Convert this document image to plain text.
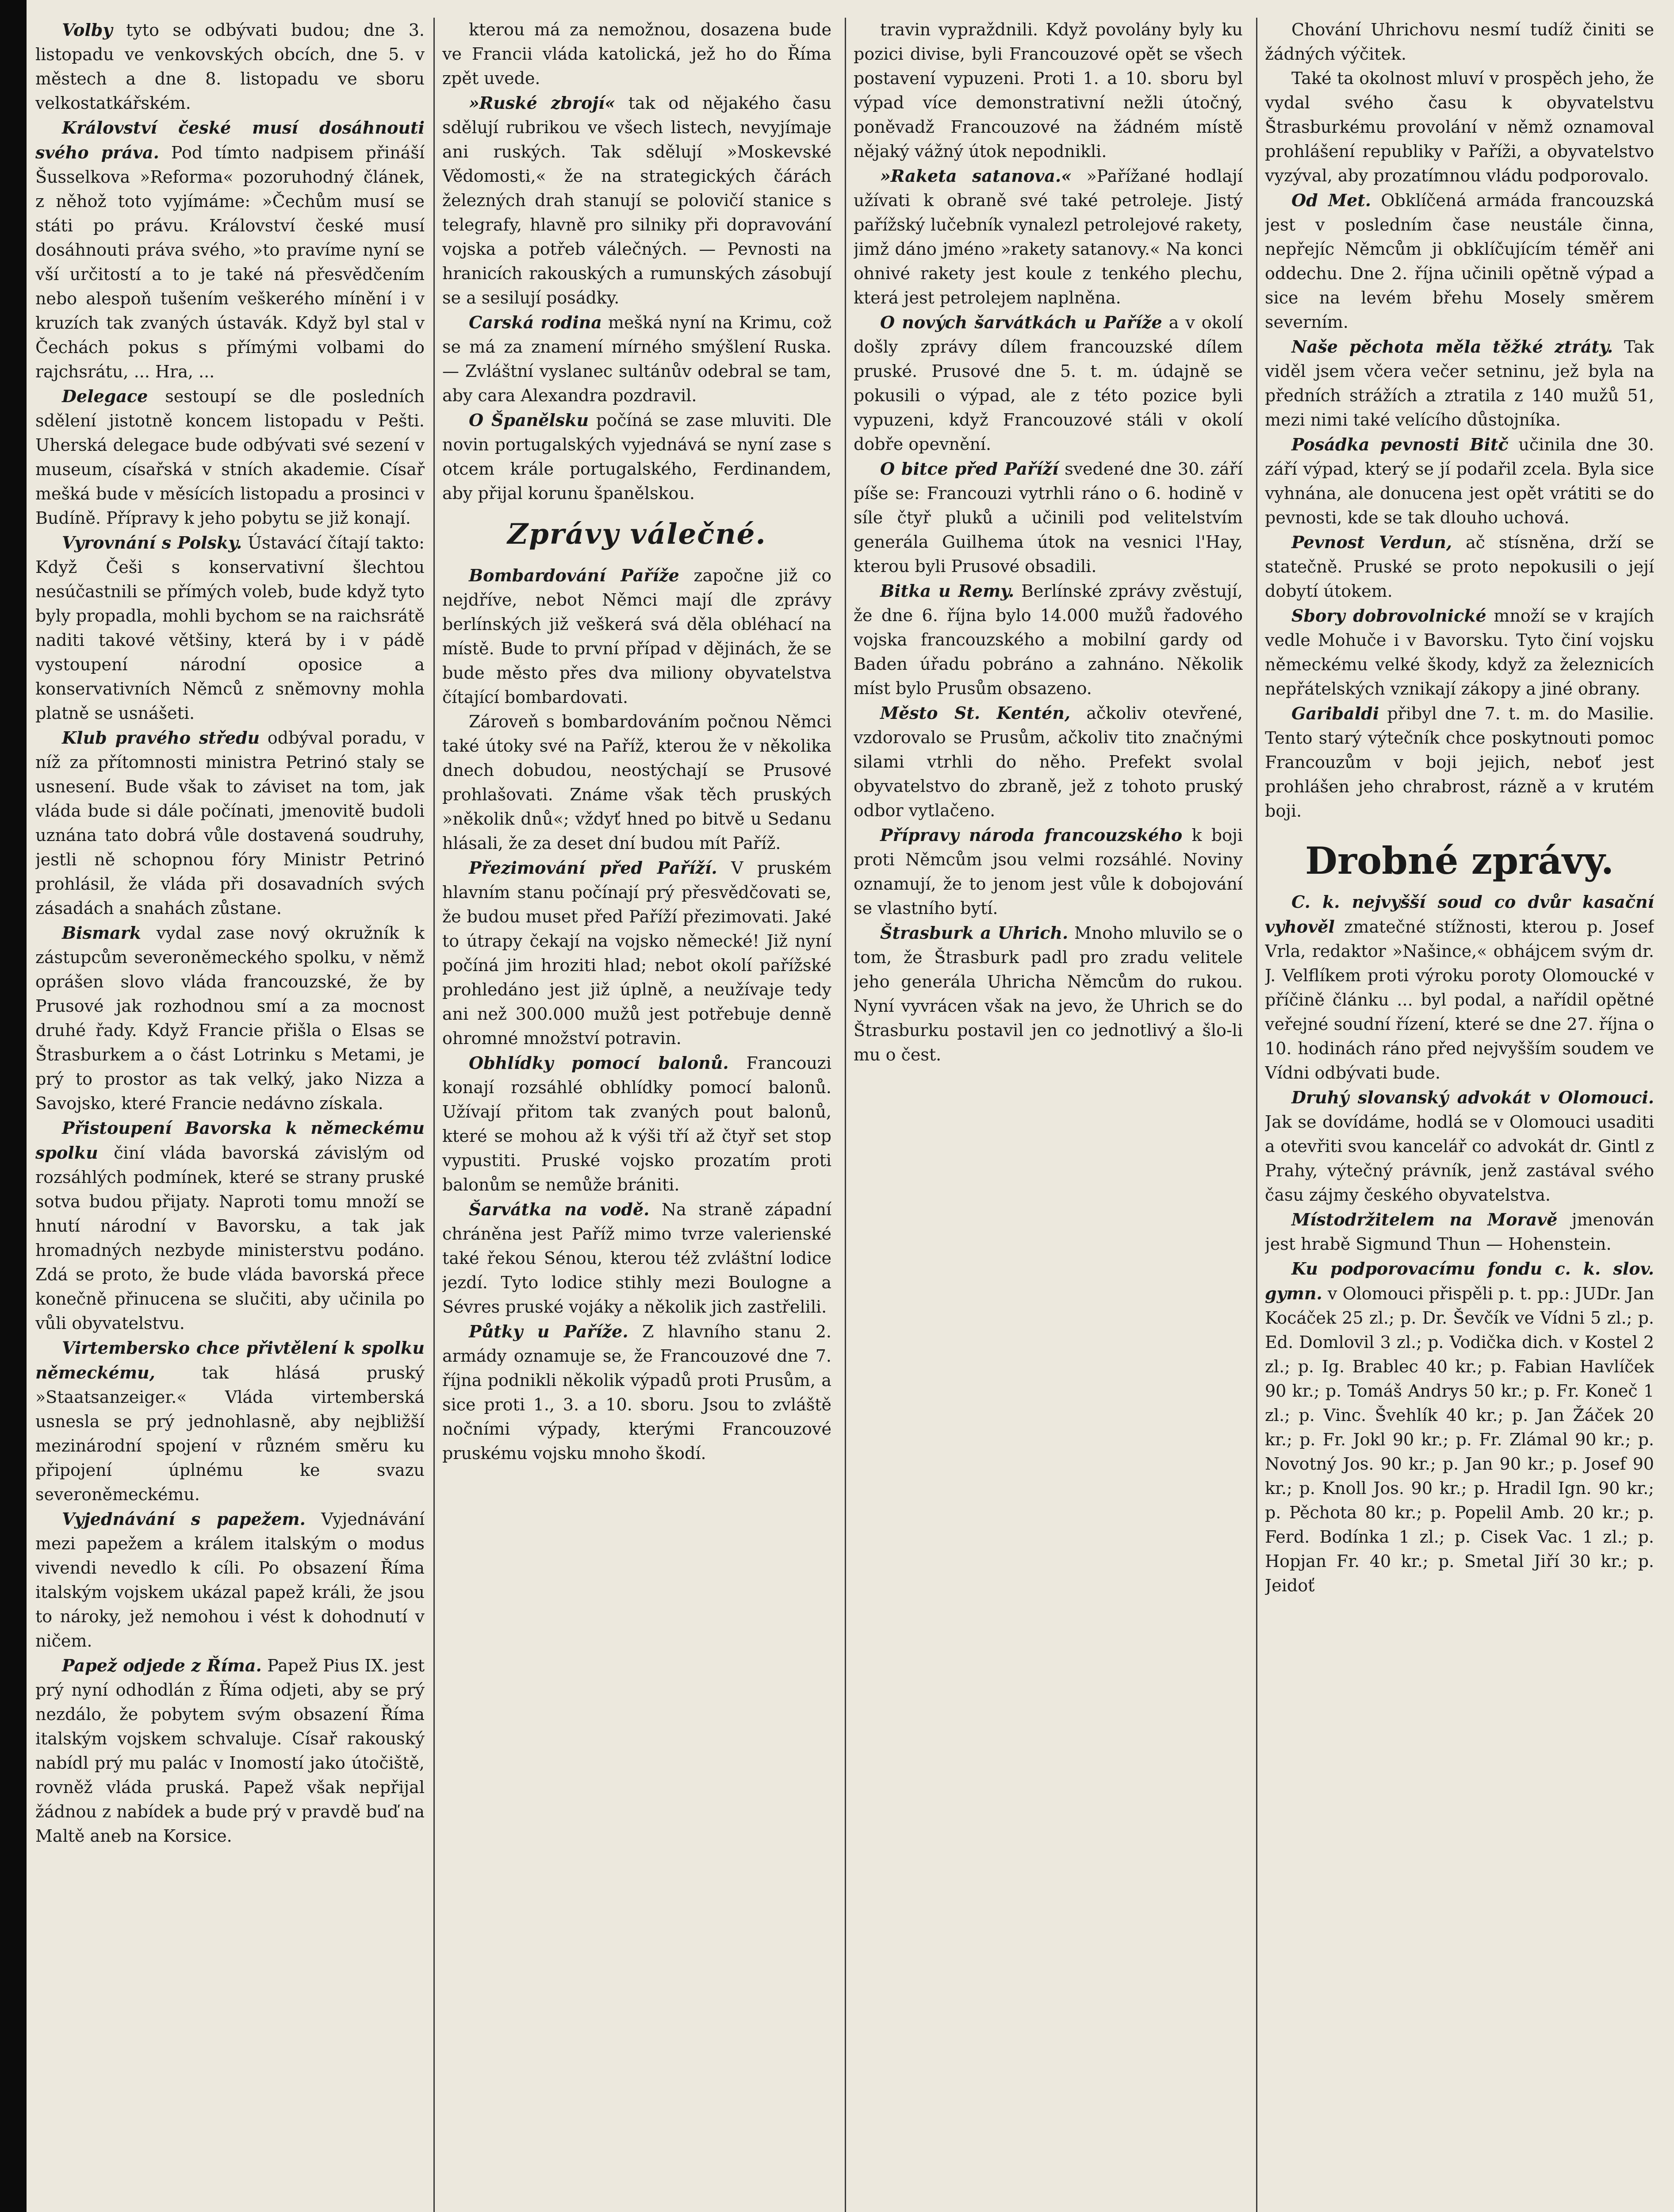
Volby tyto se odbývati budou; dne 3. listopadu ve venkovských obcích, dne 5. v městech a dne 8. listopadu ve sboru velkostatkářském.

Království české musí dosáhnouti svého práva. Pod tímto nadpisem přináší Šusselkova »Reforma« pozoruhodný článek, z něhož toto vyjímáme: »Čechům musí se státi po právu. Království české musí dosáhnouti práva svého, »to pravíme nyní se vší určitostí a to je také ná přesvědčením nebo alespoň tušením veškerého mínění i v kruzích tak zvaných ústavák. Když byl stal v Čechách pokus s přímými volbami do rajchsrátu, ... Hra, ...

Delegace sestoupí se dle posledních sdělení jistotně koncem listopadu v Pešti. Uherská delegace bude odbývati své sezení v museum, císařská v stních akademie. Císař mešká bude v měsících listopadu a prosinci v Budíně. Přípravy k jeho pobytu se již konají.

Vyrovnání s Polsky. Ústavácí čítají takto: Když Češi s konservativní šlechtou nesúčastnili se přímých voleb, bude když tyto byly propadla, mohli bychom se na raichsrátě naditi takové většiny, která by i v pádě vystoupení národní oposice a konservativních Němců z sněmovny mohla platně se usnášeti.

Klub pravého středu odbýval poradu, v níž za přítomnosti ministra Petrinó staly se usnesení. Bude však to záviset na tom, jak vláda bude si dále počínati, jmenovitě budoli uznána tato dobrá vůle dostavená soudruhy, jestli ně schopnou fóry Ministr Petrinó prohlásil, že vláda při dosavadních svých zásadách a snahách zůstane.

Bismark vydal zase nový okružník k zástupcům severoněmeckého spolku, v němž oprášen slovo vláda francouzské, že by Prusové jak rozhodnou smí a za mocnost druhé řady. Když Francie přišla o Elsas se Štrasburkem a o část Lotrinku s Metami, je prý to prostor as tak velký, jako Nizza a Savojsko, které Francie nedávno získala.

Přistoupení Bavorska k německému spolku činí vláda bavorská závislým od rozsáhlých podmínek, které se strany pruské sotva budou přijaty. Naproti tomu množí se hnutí národní v Bavorsku, a tak jak hromadných nezbyde ministerstvu podáno. Zdá se proto, že bude vláda bavorská přece konečně přinucena se slučiti, aby učinila po vůli obyvatelstvu.

Virtembersko chce přivtělení k spolku německému,	tak hlásá pruský »Staatsanzeiger.« Vláda virtemberská usnesla se prý jednohlasně, aby nejbližší mezinárodní spojení v různém směru ku připojení úplnému ke svazu severoněmeckému.

Vyjednávání s papežem. Vyjednávání mezi papežem a králem italským o modus vivendi nevedlo k cíli. Po obsazení Říma italským vojskem ukázal papež králi, že jsou to nároky, jež nemohou i vést k dohodnutí v ničem.

Papež odjede z Říma. Papež Pius IX. jest prý nyní odhodlán z Říma odjeti, aby se prý nezdálo, že pobytem svým obsazení Říma italským vojskem schvaluje. Císař rakouský nabídl prý mu palác v Inomostí jako útočiště, rovněž vláda pruská. Papež však nepřijal žádnou z nabídek a bude prý v pravdě buď na Maltě aneb na Korsice.

kterou má za nemožnou, dosazena bude ve Francii vláda katolická, jež ho do Říma zpět uvede.

»Ruské zbrojí« tak od nějakého času sdělují rubrikou ve všech listech, nevyjímaje ani ruských. Tak sdělují »Moskevské Vědomosti,« že na strategických čárách železných drah stanují se polovičí stanice s telegrafy, hlavně pro silniky při dopravování vojska a potřeb válečných. — Pevnosti na hranicích rakouských a rumunských zásobují se a sesilují posádky.

Carská rodina mešká nyní na Krimu, což se má za znamení mírného smýšlení Ruska. — Zvláštní vyslanec sultánův odebral se tam, aby cara Alexandra pozdravil.

O Španělsku počíná se zase mluviti. Dle novin portugalských vyjednává se nyní zase s otcem krále portugalského, Ferdinandem, aby přijal korunu španělskou.

Zprávy válečné.

Bombardování Paříže započne již co nejdříve, nebot Němci mají dle zprávy berlínských již veškerá svá děla obléhací na místě. Bude to první případ v dějinách, že se bude město přes dva miliony obyvatelstva čítající bombardovati.

Zároveň s bombardováním počnou Němci také útoky své na Paříž, kterou že v několika dnech dobudou, neostýchají se Prusové prohlašovati. Známe však těch pruských »několik dnů«; vždyť hned po bitvě u Sedanu hlásali, že za deset dní budou mít Paříž.

Přezimování před Paříží. V pruském hlavním stanu počínají prý přesvědčovati se, že budou muset před Paříží přezimovati. Jaké to útrapy čekají na vojsko německé! Již nyní počíná jim hroziti hlad; nebot okolí pařížské prohledáno jest již úplně, a neužívaje tedy ani než 300.000 mužů jest potřebuje denně ohromné množství potravin.

Obhlídky pomocí balonů. Francouzi konají rozsáhlé obhlídky pomocí balonů. Užívají přitom tak zvaných pout balonů, které se mohou až k výši tří až čtyř set stop vypustiti. Pruské vojsko prozatím proti balonům se nemůže brániti.

Šarvátka na vodě. Na straně západní chráněna jest Paříž mimo tvrze valerienské také řekou Sénou, kterou též zvláštní lodice jezdí. Tyto lodice stihly mezi Boulogne a Sévres pruské vojáky a několik jich zastřelili.

Půtky u Paříže. Z hlavního stanu 2. armády oznamuje se, že Francouzové dne 7. října podnikli několik výpadů proti Prusům, a sice proti 1., 3. a 10. sboru. Jsou to zvláště nočními výpady, kterými Francouzové pruskému vojsku mnoho škodí.

travin vypraždnili. Když povolány byly ku pozici divise, byli Francouzové opět se všech postavení vypuzeni. Proti 1. a 10. sboru byl výpad více demonstrativní nežli útočný, poněvadž Francouzové na žádném místě nějaký vážný útok nepodnikli.

»Raketa satanova.« »Pařížané hodlají užívati k obraně své také petroleje. Jistý pařížský lučebník vynalezl petrolejové rakety, jimž dáno jméno »rakety satanovy.« Na konci ohnivé rakety jest koule z tenkého plechu, která jest petrolejem naplněna.

O nových šarvátkách u Paříže a v okolí došly zprávy dílem francouzské dílem pruské. Prusové dne 5. t. m. údajně se pokusili o výpad, ale z této pozice byli vypuzeni, když Francouzové stáli v okolí dobře opevnění.

O bitce před Paříží svedené dne 30. září píše se: Francouzi vytrhli ráno o 6. hodině v síle čtyř pluků a učinili pod velitelstvím generála Guilhema útok na vesnici l'Hay, kterou byli Prusové obsadili.

Bitka u Remy. Berlínské zprávy zvěstují, že dne 6. října bylo 14.000 mužů řadového vojska francouzského a mobilní gardy od Baden úřadu pobráno a zahnáno. Několik míst bylo Prusům obsazeno.

Město St. Kentén, ačkoliv otevřené, vzdorovalo se Prusům, ačkoliv tito značnými silami vtrhli do něho. Prefekt svolal obyvatelstvo do zbraně, jež z tohoto pruský odbor vytlačeno.

Přípravy národa francouzského k boji proti Němcům jsou velmi rozsáhlé. Noviny oznamují, že to jenom jest vůle k dobojování se vlastního bytí.

Štrasburk a Uhrich. Mnoho mluvilo se o tom, že Štrasburk padl pro zradu velitele jeho generála Uhricha Němcům do rukou. Nyní vyvrácen však na jevo, že Uhrich se do Štrasburku postavil jen co jednotlivý a šlo-li mu o čest.

Chování Uhrichovu nesmí tudíž činiti se žádných výčitek.

Také ta okolnost mluví v prospěch jeho, že vydal svého času k obyvatelstvu Štrasburkému provolání v němž oznamoval prohlášení republiky v Paříži, a obyvatelstvo vyzýval, aby prozatímnou vládu podporovalo.

Od Met. Obklíčená armáda francouzská jest v posledním čase neustále činna, nepřejíc Němcům ji obklíčujícím téměř ani oddechu. Dne 2. října učinili opětně výpad a sice na levém břehu Mosely směrem severním.

Naše pěchota měla těžké ztráty. Tak viděl jsem včera večer setninu, jež byla na předních strážích a ztratila z 140 mužů 51, mezi nimi také velícího důstojníka.

Posádka pevnosti Bitč učinila dne 30. září výpad, který se jí podařil zcela. Byla sice vyhnána, ale donucena jest opět vrátiti se do pevnosti, kde se tak dlouho uchová.

Pevnost Verdun, ač stísněna, drží se statečně. Pruské se proto nepokusili o její dobytí útokem.

Sbory dobrovolnické množí se v krajích vedle Mohuče i v Bavorsku. Tyto činí vojsku německému velké škody, když za železnicích nepřátelských vznikají zákopy a jiné obrany.

Garibaldi přibyl dne 7. t. m. do Masilie. Tento starý výtečník chce poskytnouti pomoc Francouzům v boji jejich, neboť jest prohlášen jeho chrabrost, rázně a v krutém boji.

Drobné zprávy.

C. k. nejvyšší soud co dvůr kasační vyhověl zmatečné stížnosti, kterou p. Josef Vrla, redaktor »Našince,« obhájcem svým dr. J. Velflíkem proti výroku poroty Olomoucké v příčině článku ... byl podal, a nařídil opětné veřejné soudní řízení, které se dne 27. října o 10. hodinách ráno před nejvyšším soudem ve Vídni odbývati bude.

Druhý slovanský advokát v Olomouci. Jak se dovídáme, hodlá se v Olomouci usaditi a otevřiti svou kancelář co advokát dr. Gintl z Prahy, výtečný právník, jenž zastával svého času zájmy českého obyvatelstva.

Místodržitelem na Moravě jmenován jest hrabě Sigmund Thun — Hohenstein.

Ku podporovacímu fondu c. k. slov. gymn. v Olomouci přispěli p. t. pp.: JUDr. Jan Kocáček 25 zl.; p. Dr. Ševčík ve Vídni 5 zl.; p. Ed. Domlovil 3 zl.; p. Vodička dich. v Kostel 2 zl.; p. Ig. Brablec 40 kr.; p. Fabian Havlíček 90 kr.; p. Tomáš Andrys 50 kr.; p. Fr. Koneč 1 zl.; p. Vinc. Švehlík 40 kr.; p. Jan Žáček 20 kr.; p. Fr. Jokl 90 kr.; p. Fr. Zlámal 90 kr.; p. Novotný Jos. 90 kr.; p. Jan 90 kr.; p. Josef 90 kr.; p. Knoll Jos. 90 kr.; p. Hradil Ign. 90 kr.; p. Pěchota 80 kr.; p. Popelil Amb. 20 kr.; p. Ferd. Bodínka 1 zl.; p. Cisek Vac. 1 zl.; p. Hopjan Fr. 40 kr.; p. Smetal Jiří 30 kr.; p. Jeidoť
